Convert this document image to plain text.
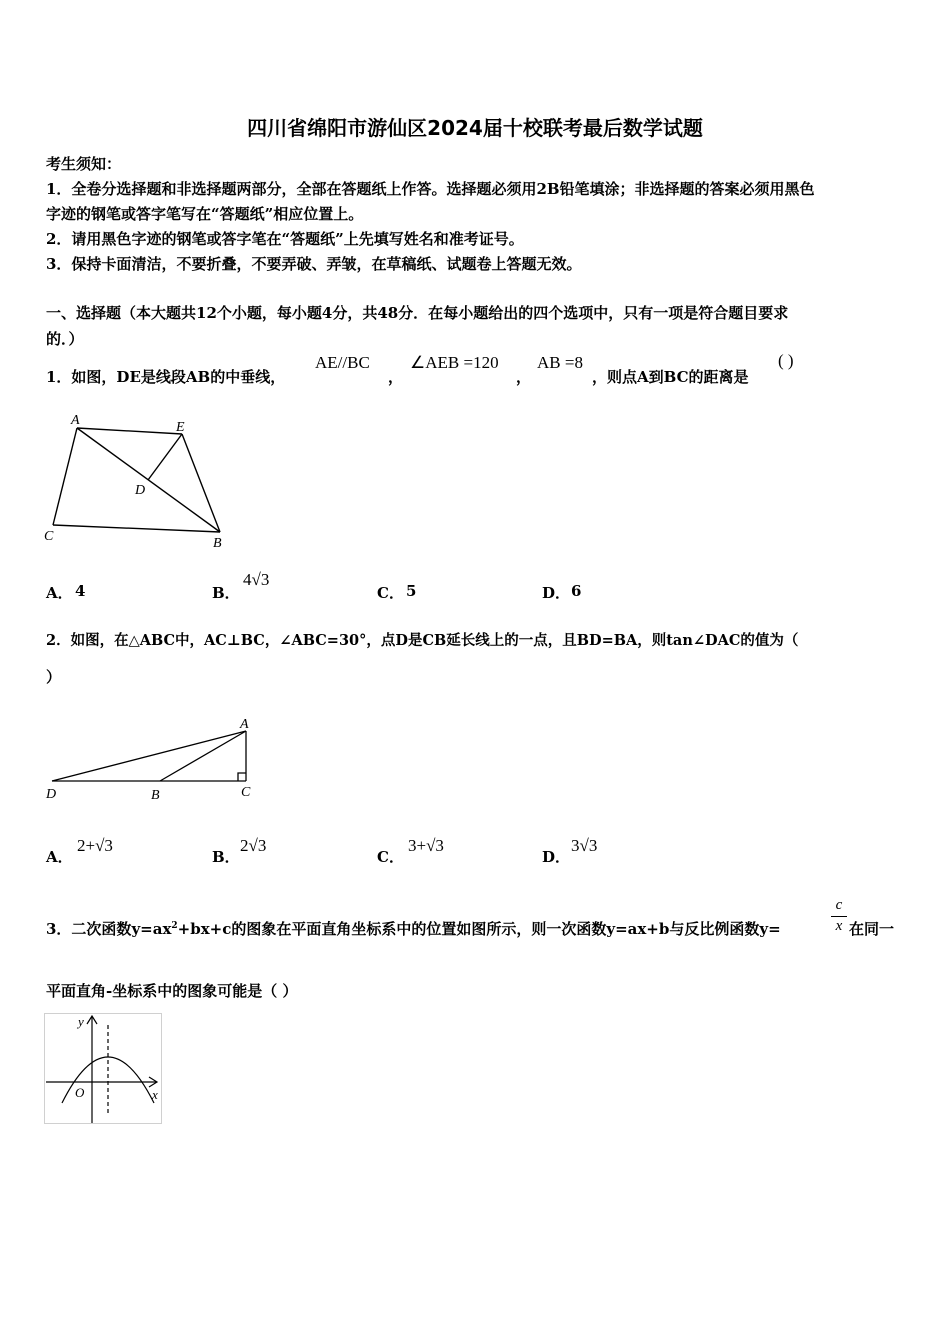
四川省绵阳市游仙区2024届十校联考最后数学试题
考生须知：
1．全卷分选择题和非选择题两部分，全部在答题纸上作答。选择题必须用2B铅笔填涂；非选择题的答案必须用黑色
字迹的钢笔或答字笔写在“答题纸”相应位置上。
2．请用黑色字迹的钢笔或答字笔在“答题纸”上先填写姓名和准考证号。
3．保持卡面清洁，不要折叠，不要弄破、弄皱，在草稿纸、试题卷上答题无效。
一、选择题（本大题共12个小题，每小题4分，共48分．在每小题给出的四个选项中，只有一项是符合题目要求
的．）
1．如图，DE是线段AB的中垂线，
AE//BC
，
∠AEB =120
，
AB =8
，则点A到BC的距离是
( )
A	E
D
C	B
A． 4	B．
4√3
C． 5	D． 6
2．如图，在△ABC中，AC⊥BC，∠ABC=30°，点D是CB延长线上的一点，且BD=BA，则tan∠DAC的值为（
）
A
D	B	C
A．
2+√3
B．
2√3
C．
3+√3
D．
3√3
3．二次函数$y=ax^2+bx+c$的图象在平面直角坐标系中的位置如图所示，则一次函数y=ax+b与反比例函数y=	$\frac{c}{x}$ 在同一
平面直角-坐标系中的图象可能是（ ）
y
O	x
